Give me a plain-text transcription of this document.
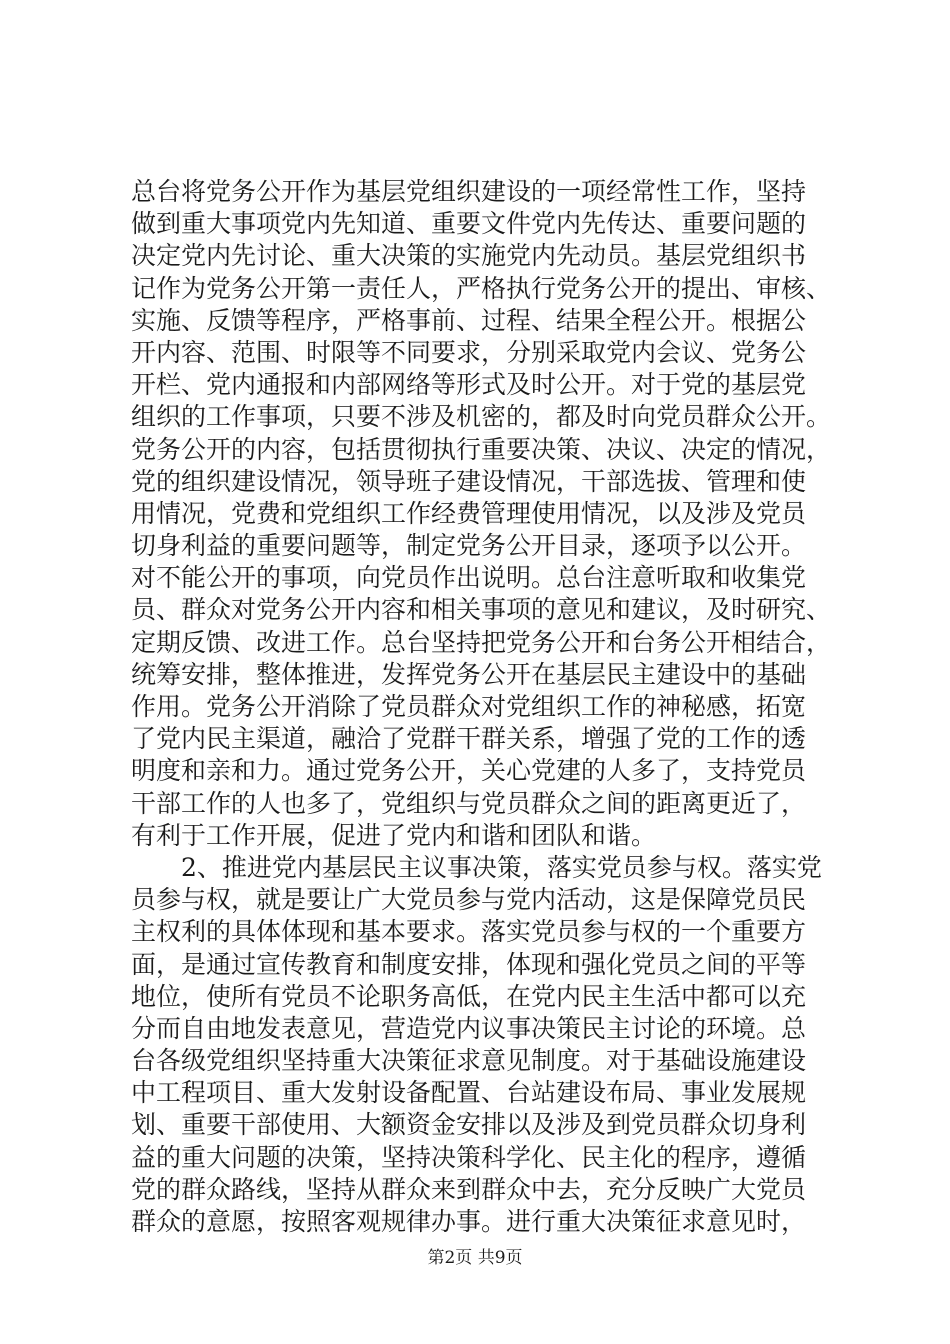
总台将党务公开作为基层党组织建设的一项经常性工作，坚持
做到重大事项党内先知道、重要文件党内先传达、重要问题的
决定党内先讨论、重大决策的实施党内先动员。基层党组织书
记作为党务公开第一责任人，严格执行党务公开的提出、审核、
实施、反馈等程序，严格事前、过程、结果全程公开。根据公
开内容、范围、时限等不同要求，分别采取党内会议、党务公
开栏、党内通报和内部网络等形式及时公开。对于党的基层党
组织的工作事项，只要不涉及机密的，都及时向党员群众公开。
党务公开的内容，包括贯彻执行重要决策、决议、决定的情况，
党的组织建设情况，领导班子建设情况，干部选拔、管理和使
用情况，党费和党组织工作经费管理使用情况，以及涉及党员
切身利益的重要问题等，制定党务公开目录，逐项予以公开。
对不能公开的事项，向党员作出说明。总台注意听取和收集党
员、群众对党务公开内容和相关事项的意见和建议，及时研究、
定期反馈、改进工作。总台坚持把党务公开和台务公开相结合，
统筹安排，整体推进，发挥党务公开在基层民主建设中的基础
作用。党务公开消除了党员群众对党组织工作的神秘感，拓宽
了党内民主渠道，融洽了党群干群关系，增强了党的工作的透
明度和亲和力。通过党务公开，关心党建的人多了，支持党员
干部工作的人也多了，党组织与党员群众之间的距离更近了，
有利于工作开展，促进了党内和谐和团队和谐。
2、推进党内基层民主议事决策，落实党员参与权。落实党
员参与权，就是要让广大党员参与党内活动，这是保障党员民
主权利的具体体现和基本要求。落实党员参与权的一个重要方
面，是通过宣传教育和制度安排，体现和强化党员之间的平等
地位，使所有党员不论职务高低，在党内民主生活中都可以充
分而自由地发表意见，营造党内议事决策民主讨论的环境。总
台各级党组织坚持重大决策征求意见制度。对于基础设施建设
中工程项目、重大发射设备配置、台站建设布局、事业发展规
划、重要干部使用、大额资金安排以及涉及到党员群众切身利
益的重大问题的决策，坚持决策科学化、民主化的程序，遵循
党的群众路线，坚持从群众来到群众中去，充分反映广大党员
群众的意愿，按照客观规律办事。进行重大决策征求意见时，
第2页 共9页
